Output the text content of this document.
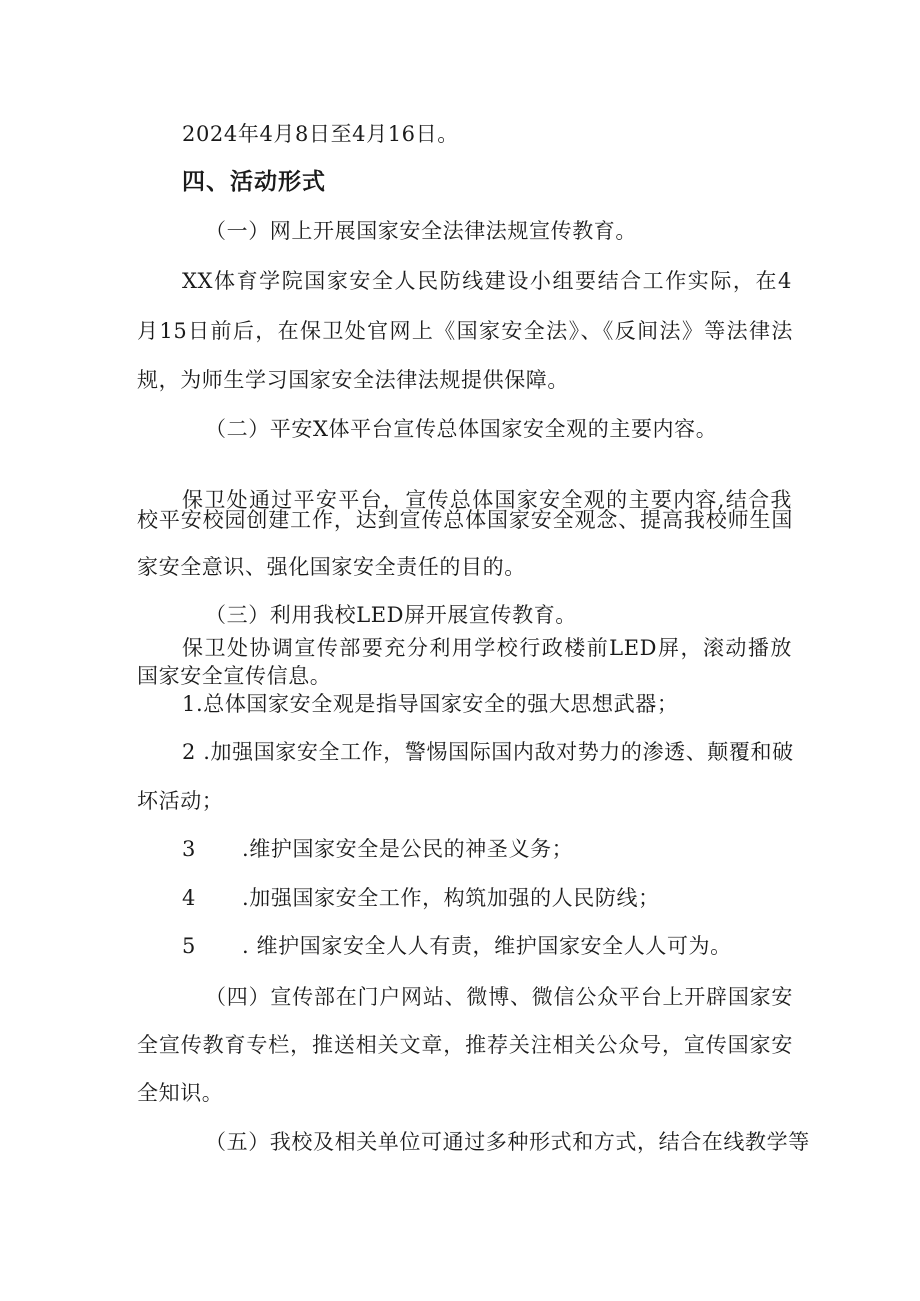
2024年4月8日至4月16日。
四、活动形式
（一）网上开展国家安全法律法规宣传教育。
XX体育学院国家安全人民防线建设小组要结合工作实际，在4
月15日前后，在保卫处官网上《国家安全法》、《反间法》等法律法
规，为师生学习国家安全法律法规提供保障。
（二）平安X体平台宣传总体国家安全观的主要内容。
保卫处通过平安平台，宣传总体国家安全观的主要内容,结合我
校平安校园创建工作，达到宣传总体国家安全观念、提高我校师生国
家安全意识、强化国家安全责任的目的。
（三）利用我校LED屏开展宣传教育。
保卫处协调宣传部要充分利用学校行政楼前LED屏，滚动播放
国家安全宣传信息。
1.总体国家安全观是指导国家安全的强大思想武器；
2 .加强国家安全工作，警惕国际国内敌对势力的渗透、颠覆和破
坏活动；
3 .维护国家安全是公民的神圣义务；
4 .加强国家安全工作，构筑加强的人民防线；
5 . 维护国家安全人人有责，维护国家安全人人可为。
（四）宣传部在门户网站、微博、微信公众平台上开辟国家安
全宣传教育专栏，推送相关文章，推荐关注相关公众号，宣传国家安
全知识。
（五）我校及相关单位可通过多种形式和方式，结合在线教学等
